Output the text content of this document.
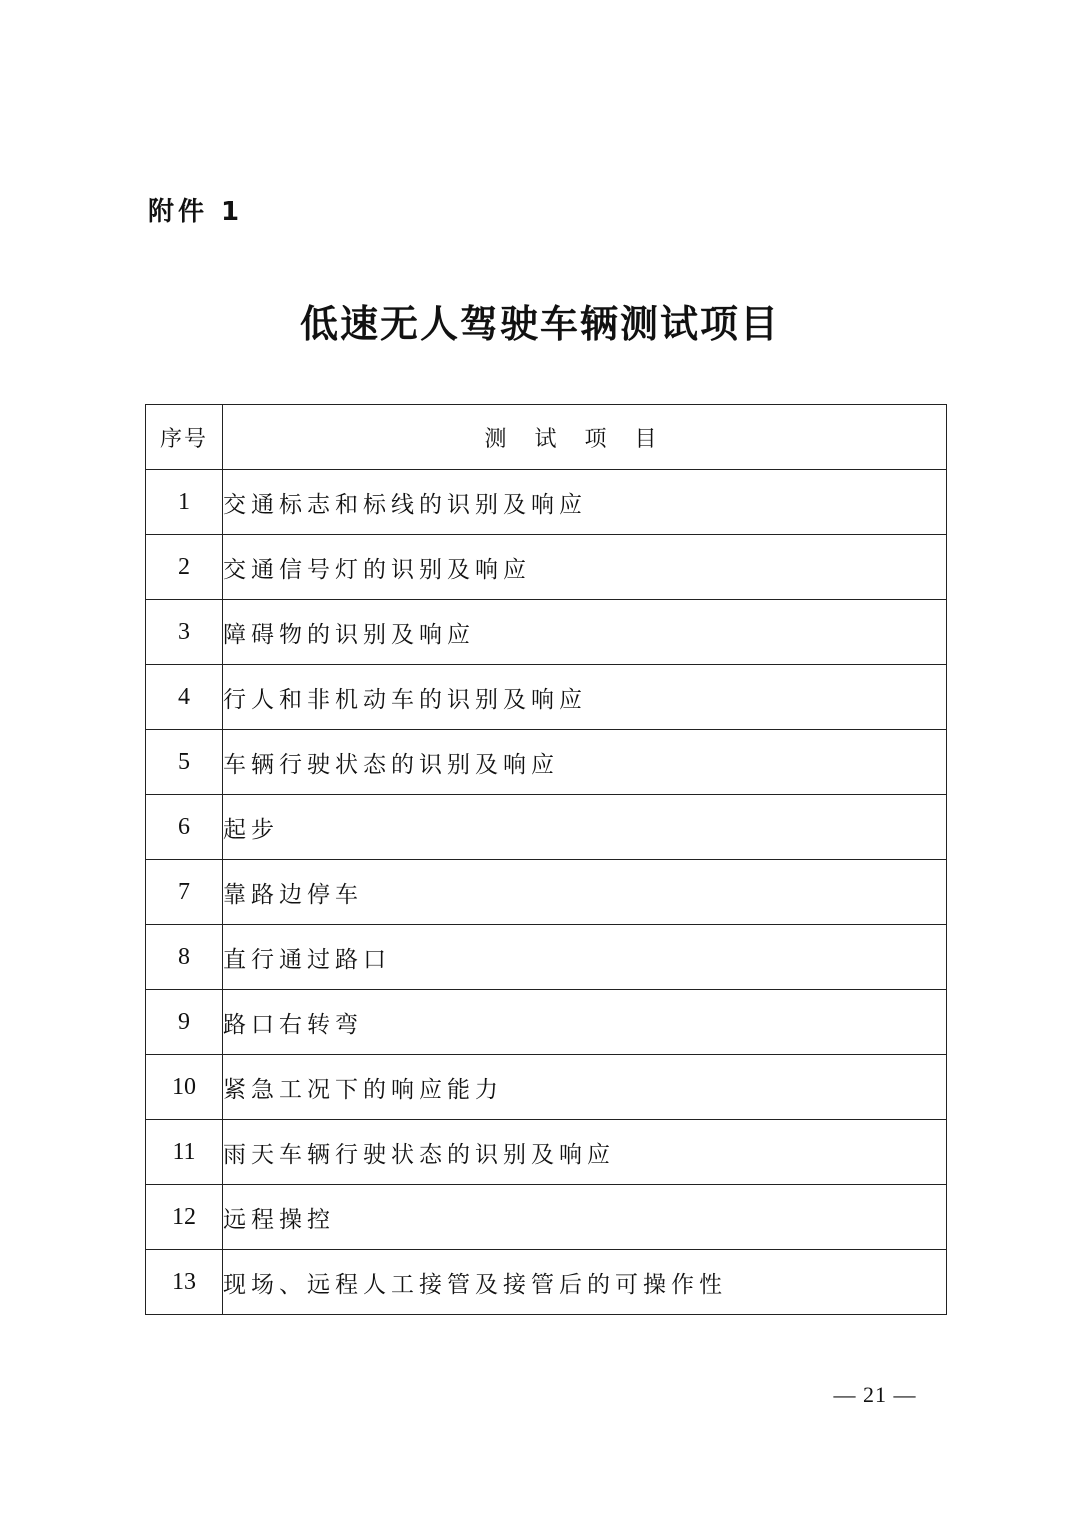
附件 1
低速无人驾驶车辆测试项目
序号	测试项目
1	交通标志和标线的识别及响应
2	交通信号灯的识别及响应
3	障碍物的识别及响应
4	行人和非机动车的识别及响应
5	车辆行驶状态的识别及响应
6	起步
7	靠路边停车
8	直行通过路口
9	路口右转弯
10	紧急工况下的响应能力
11	雨天车辆行驶状态的识别及响应
12	远程操控
13	现场、远程人工接管及接管后的可操作性
— 21 —
